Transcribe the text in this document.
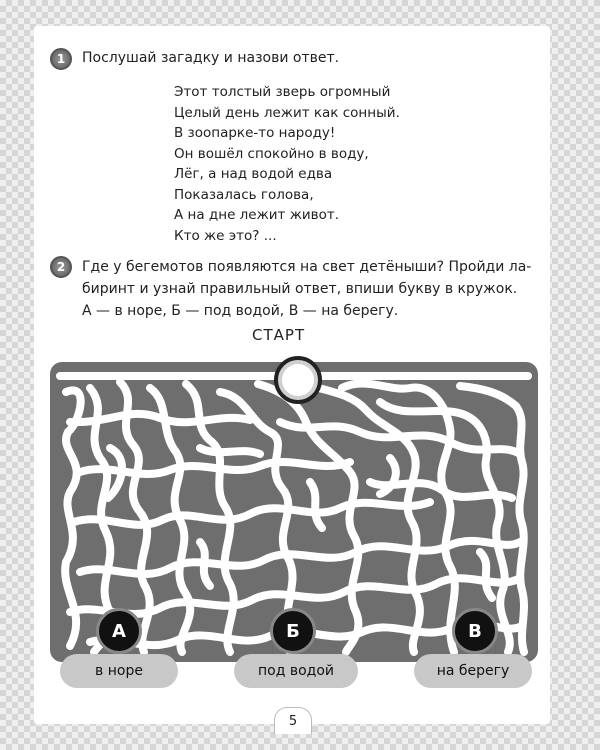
1	Послушай загадку и назови ответ.
Этот толстый зверь огромный
Целый день лежит как сонный.
В зоопарке-то народу!
Он вошёл спокойно в воду,
Лёг, а над водой едва
Показалась голова,
А на дне лежит живот.
Кто же это? ...
2	Где у бегемотов появляются на свет детёныши? Пройди ла-
биринт и узнай правильный ответ, впиши букву в кружок.
А — в норе, Б — под водой, В — на берегу.
СТАРТ
А	Б	В
в норе	под водой	на берегу
5
